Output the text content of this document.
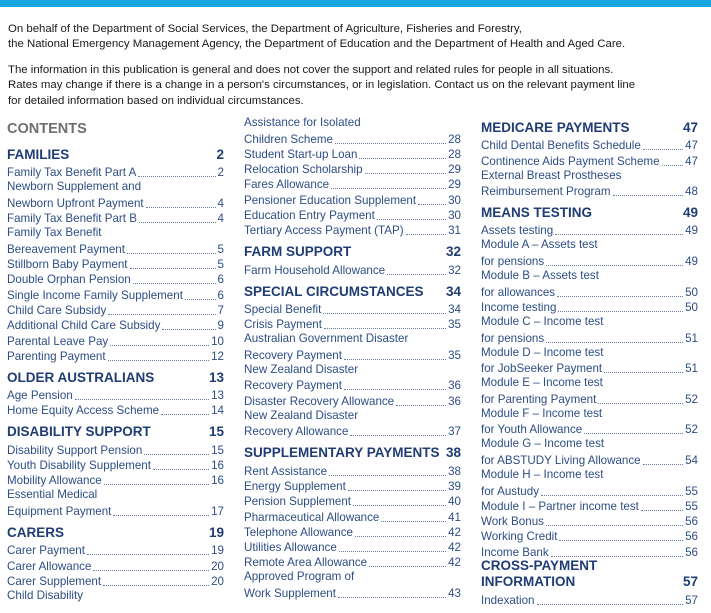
On behalf of the Department of Social Services, the Department of Agriculture, Fisheries and Forestry,
the National Emergency Management Agency, the Department of Education and the Department of Health and Aged Care.

The information in this publication is general and does not cover the support and related rules for people in all situations.
Rates may change if there is a change in a person's circumstances, or in legislation. Contact us on the relevant payment line
for detailed information based on individual circumstances.

CONTENTS
FAMILIES	2
Family Tax Benefit Part A	2
Newborn Supplement and
Newborn Upfront Payment	4
Family Tax Benefit Part B	4
Family Tax Benefit
Bereavement Payment	5
Stillborn Baby Payment	5
Double Orphan Pension	6
Single Income Family Supplement	6
Child Care Subsidy	7
Additional Child Care Subsidy	9
Parental Leave Pay	10
Parenting Payment	12
OLDER AUSTRALIANS	13
Age Pension	13
Home Equity Access Scheme	14
DISABILITY SUPPORT	15
Disability Support Pension	15
Youth Disability Supplement	16
Mobility Allowance	16
Essential Medical
Equipment Payment	17
CARERS	19
Carer Payment	19
Carer Allowance	20
Carer Supplement	20
Child Disability
Assistance for Isolated
Children Scheme	28
Student Start-up Loan	28
Relocation Scholarship	29
Fares Allowance	29
Pensioner Education Supplement	30
Education Entry Payment	30
Tertiary Access Payment (TAP)	31
FARM SUPPORT	32
Farm Household Allowance	32
SPECIAL CIRCUMSTANCES 34
Special Benefit	34
Crisis Payment	35
Australian Government Disaster
Recovery Payment	35
New Zealand Disaster
Recovery Payment	36
Disaster Recovery Allowance	36
New Zealand Disaster
Recovery Allowance	37
SUPPLEMENTARY PAYMENTS 38
Rent Assistance	38
Energy Supplement	39
Pension Supplement	40
Pharmaceutical Allowance	41
Telephone Allowance	42
Utilities Allowance	42
Remote Area Allowance	42
Approved Program of
Work Supplement	43
MEDICARE PAYMENTS	47
Child Dental Benefits Schedule	47
Continence Aids Payment Scheme 47
External Breast Prostheses
Reimbursement Program	48
MEANS TESTING	49
Assets testing	49
Module A – Assets test
for pensions	49
Module B – Assets test
for allowances	50
Income testing	50
Module C – Income test
for pensions	51
Module D – Income test
for JobSeeker Payment	51
Module E – Income test
for Parenting Payment	52
Module F – Income test
for Youth Allowance	52
Module G – Income test
for ABSTUDY Living Allowance	54
Module H – Income test
for Austudy	55
Module I – Partner income test	55
Work Bonus	56
Working Credit	56
Income Bank	56
CROSS-PAYMENT
INFORMATION	57
Indexation	57
